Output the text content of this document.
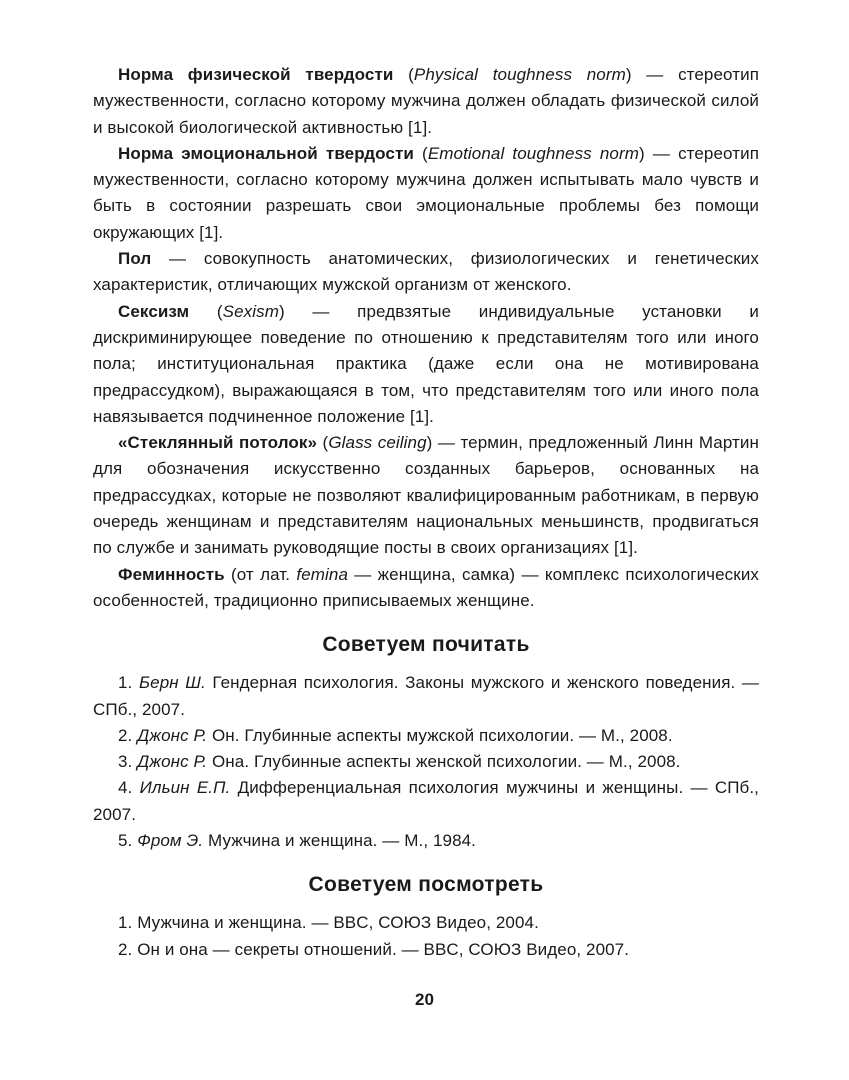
Норма физической твердости (Physical toughness norm) — стереотип мужественности, согласно которому мужчина должен обладать физической силой и высокой биологической активностью [1].

Норма эмоциональной твердости (Emotional toughness norm) — стереотип мужественности, согласно которому мужчина должен испытывать мало чувств и быть в состоянии разрешать свои эмоциональные проблемы без помощи окружающих [1].

Пол — совокупность анатомических, физиологических и генетических характеристик, отличающих мужской организм от женского.

Сексизм (Sexism) — предвзятые индивидуальные установки и дискриминирующее поведение по отношению к представителям того или иного пола; институциональная практика (даже если она не мотивирована предрассудком), выражающаяся в том, что представителям того или иного пола навязывается подчиненное положение [1].

«Стеклянный потолок» (Glass ceiling) — термин, предложенный Линн Мартин для обозначения искусственно созданных барьеров, основанных на предрассудках, которые не позволяют квалифицированным работникам, в первую очередь женщинам и представителям национальных меньшинств, продвигаться по службе и занимать руководящие посты в своих организациях [1].

Феминность (от лат. femina — женщина, самка) — комплекс психологических особенностей, традиционно приписываемых женщине.

Советуем почитать

1. Берн Ш. Гендерная психология. Законы мужского и женского поведения. — СПб., 2007.

2. Джонс Р. Он. Глубинные аспекты мужской психологии. — М., 2008.

3. Джонс Р. Она. Глубинные аспекты женской психологии. — М., 2008.

4. Ильин Е.П. Дифференциальная психология мужчины и женщины. — СПб., 2007.

5. Фром Э. Мужчина и женщина. — М., 1984.

Советуем посмотреть

1. Мужчина и женщина. — BBC, СОЮЗ Видео, 2004.

2. Он и она — секреты отношений. — BBC, СОЮЗ Видео, 2007.

20
